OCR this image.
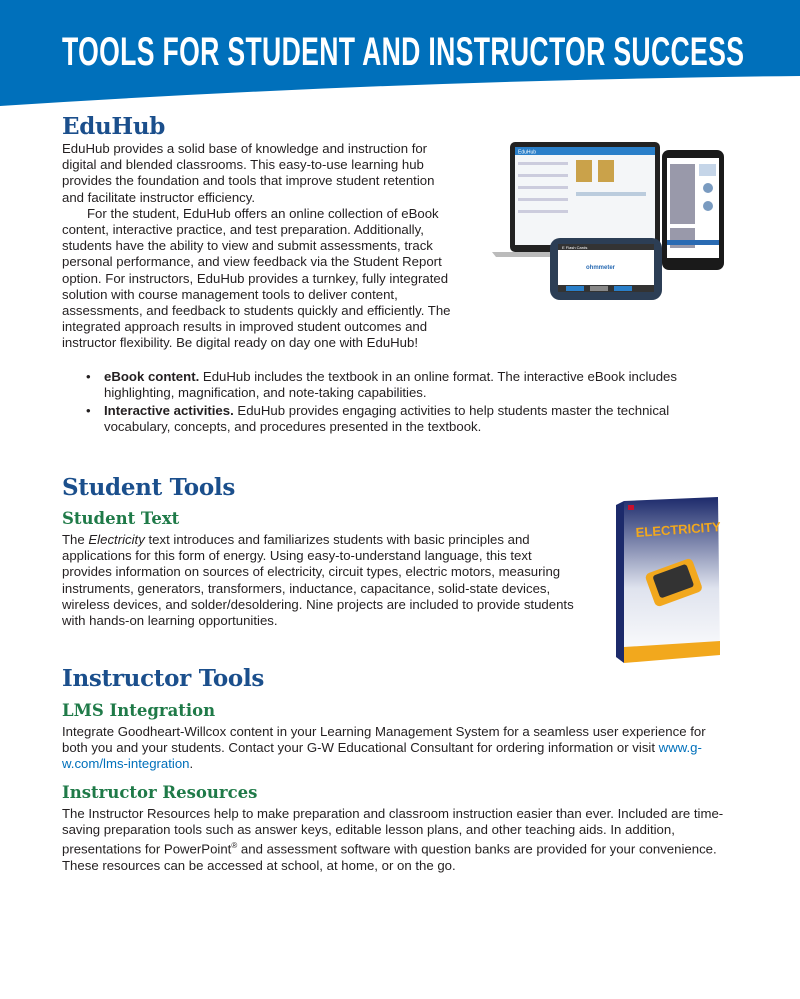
TOOLS FOR STUDENT AND INSTRUCTOR SUCCESS
EduHub

EduHub provides a solid base of knowledge and instruction for digital and blended classrooms. This easy-to-use learning hub provides the foundation and tools that improve student retention and facilitate instructor efficiency.

For the student, EduHub offers an online collection of eBook content, interactive practice, and test preparation. Additionally, students have the ability to view and submit assessments, track personal performance, and view feedback via the Student Report option. For instructors, EduHub provides a turnkey, fully integrated solution with course management tools to deliver content, assessments, and feedback to students quickly and efficiently. The integrated approach results in improved student outcomes and instructor flexibility. Be digital ready on day one with EduHub!

• eBook content. EduHub includes the textbook in an online format. The interactive eBook includes highlighting, magnification, and note-taking capabilities.
• Interactive activities. EduHub provides engaging activities to help students master the technical vocabulary, concepts, and procedures presented in the textbook.
Student Tools
Student Text

The Electricity text introduces and familiarizes students with basic principles and applications for this form of energy. Using easy-to-understand language, this text provides information on sources of electricity, circuit types, electric motors, measuring instruments, generators, transformers, inductance, capacitance, solid-state devices, wireless devices, and solder/desoldering. Nine projects are included to provide students with hands-on learning opportunities.

Instructor Tools
LMS Integration

Integrate Goodheart-Willcox content in your Learning Management System for a seamless user experience for both you and your students. Contact your G-W Educational Consultant for ordering information or visit www.g-w.com/lms-integration.

Instructor Resources

The Instructor Resources help to make preparation and classroom instruction easier than ever. Included are time-saving preparation tools such as answer keys, editable lesson plans, and other teaching aids. In addition, presentations for PowerPoint® and assessment software with question banks are provided for your convenience. These resources can be accessed at school, at home, or on the go.

EduHub
E Flash Cards
ohmmeter
ELECTRICITY
